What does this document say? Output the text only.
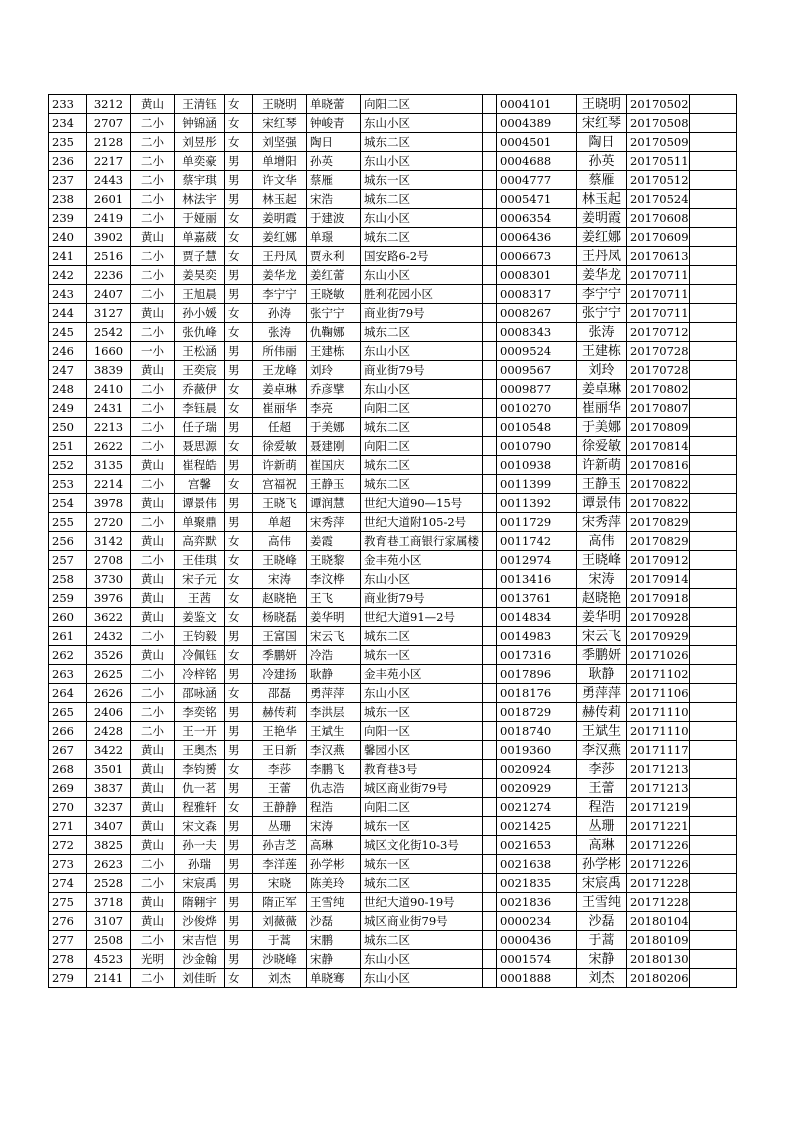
233	3212	黄山	王清钰	女	王晓明	单晓蕾	向阳二区		0004101	王晓明	20170502	
234	2707	二小	钟锦涵	女	宋红琴	钟峻青	东山小区		0004389	宋红琴	20170508	
235	2128	二小	刘昱彤	女	刘坚强	陶日	城东二区		0004501	陶日	20170509	
236	2217	二小	单奕豪	男	单增阳	孙英	东山小区		0004688	孙英	20170511	
237	2443	二小	蔡宇琪	男	许文华	蔡雁	城东一区		0004777	蔡雁	20170512	
238	2601	二小	林法宇	男	林玉起	宋浩	城东二区		0005471	林玉起	20170524	
239	2419	二小	于娅丽	女	姜明霞	于建波	东山小区		0006354	姜明霞	20170608	
240	3902	黄山	单嘉葳	女	姜红娜	单璟	城东二区		0006436	姜红娜	20170609	
241	2516	二小	贾子慧	女	王丹凤	贾永利	国安路6-2号		0006673	王丹凤	20170613	
242	2236	二小	姜昊奕	男	姜华龙	姜红蕾	东山小区		0008301	姜华龙	20170711	
243	2407	二小	王旭晨	男	李宁宁	王晓敏	胜利花园小区		0008317	李宁宁	20170711	
244	3127	黄山	孙小媛	女	孙涛	张宁宁	商业街79号		0008267	张宁宁	20170711	
245	2542	二小	张仇峰	女	张涛	仇鞠娜	城东二区		0008343	张涛	20170712	
246	1660	一小	王松涵	男	所伟丽	王建栋	东山小区		0009524	王建栋	20170728	
247	3839	黄山	王奕宸	男	王龙峰	刘玲	商业街79号		0009567	刘玲	20170728	
248	2410	二小	乔薇伊	女	姜卓琳	乔彦擘	东山小区		0009877	姜卓琳	20170802	
249	2431	二小	李钰晨	女	崔丽华	李亮	向阳二区		0010270	崔丽华	20170807	
250	2213	二小	任子瑞	男	任超	于美娜	城东二区		0010548	于美娜	20170809	
251	2622	二小	聂思源	女	徐爱敏	聂建刚	向阳二区		0010790	徐爱敏	20170814	
252	3135	黄山	崔程皓	男	许新萌	崔国庆	城东二区		0010938	许新萌	20170816	
253	2214	二小	宫馨	女	宫福祝	王静玉	城东二区		0011399	王静玉	20170822	
254	3978	黄山	谭景伟	男	王晓飞	谭润慧	世纪大道90—15号		0011392	谭景伟	20170822	
255	2720	二小	单聚鼎	男	单超	宋秀萍	世纪大道附105-2号		0011729	宋秀萍	20170829	
256	3142	黄山	高弈默	女	高伟	姜霞	教育巷工商银行家属楼		0011742	高伟	20170829	
257	2708	二小	王佳琪	女	王晓峰	王晓黎	金丰苑小区		0012974	王晓峰	20170912	
258	3730	黄山	宋子元	女	宋涛	李汶桦	东山小区		0013416	宋涛	20170914	
259	3976	黄山	王茜	女	赵晓艳	王飞	商业街79号		0013761	赵晓艳	20170918	
260	3622	黄山	姜鉴文	女	杨晓磊	姜华明	世纪大道91—2号		0014834	姜华明	20170928	
261	2432	二小	王钧毅	男	王富国	宋云飞	城东二区		0014983	宋云飞	20170929	
262	3526	黄山	冷佩钰	女	季鹏妍	冷浩	城东一区		0017316	季鹏妍	20171026	
263	2625	二小	冷梓铭	男	冷建扬	耿静	金丰苑小区		0017896	耿静	20171102	
264	2626	二小	邵咏涵	女	邵磊	勇萍萍	东山小区		0018176	勇萍萍	20171106	
265	2406	二小	李奕铭	男	赫传莉	李洪层	城东一区		0018729	赫传莉	20171110	
266	2428	二小	王一开	男	王艳华	王斌生	向阳一区		0018740	王斌生	20171110	
267	3422	黄山	王奥杰	男	王日新	李汉燕	馨园小区		0019360	李汉燕	20171117	
268	3501	黄山	李钧赟	女	李莎	李鹏飞	教育巷3号		0020924	李莎	20171213	
269	3837	黄山	仇一茗	男	王蕾	仇志浩	城区商业街79号		0020929	王蕾	20171213	
270	3237	黄山	程雅轩	女	王静静	程浩	向阳二区		0021274	程浩	20171219	
271	3407	黄山	宋文森	男	丛珊	宋涛	城东一区		0021425	丛珊	20171221	
272	3825	黄山	孙一夫	男	孙吉芝	高琳	城区文化街10-3号		0021653	高琳	20171226	
273	2623	二小	孙瑞	男	李洋莲	孙学彬	城东一区		0021638	孙学彬	20171226	
274	2528	二小	宋宸禹	男	宋晓	陈美玲	城东二区		0021835	宋宸禹	20171228	
275	3718	黄山	隋翱宇	男	隋正军	王雪纯	世纪大道90-19号		0021836	王雪纯	20171228	
276	3107	黄山	沙俊烨	男	刘薇薇	沙磊	城区商业街79号		0000234	沙磊	20180104	
277	2508	二小	宋吉恺	男	于蒿	宋鹏	城东二区		0000436	于蒿	20180109	
278	4523	光明	沙金翰	男	沙晓峰	宋静	东山小区		0001574	宋静	20180130	
279	2141	二小	刘佳昕	女	刘杰	单晓骞	东山小区		0001888	刘杰	20180206	
